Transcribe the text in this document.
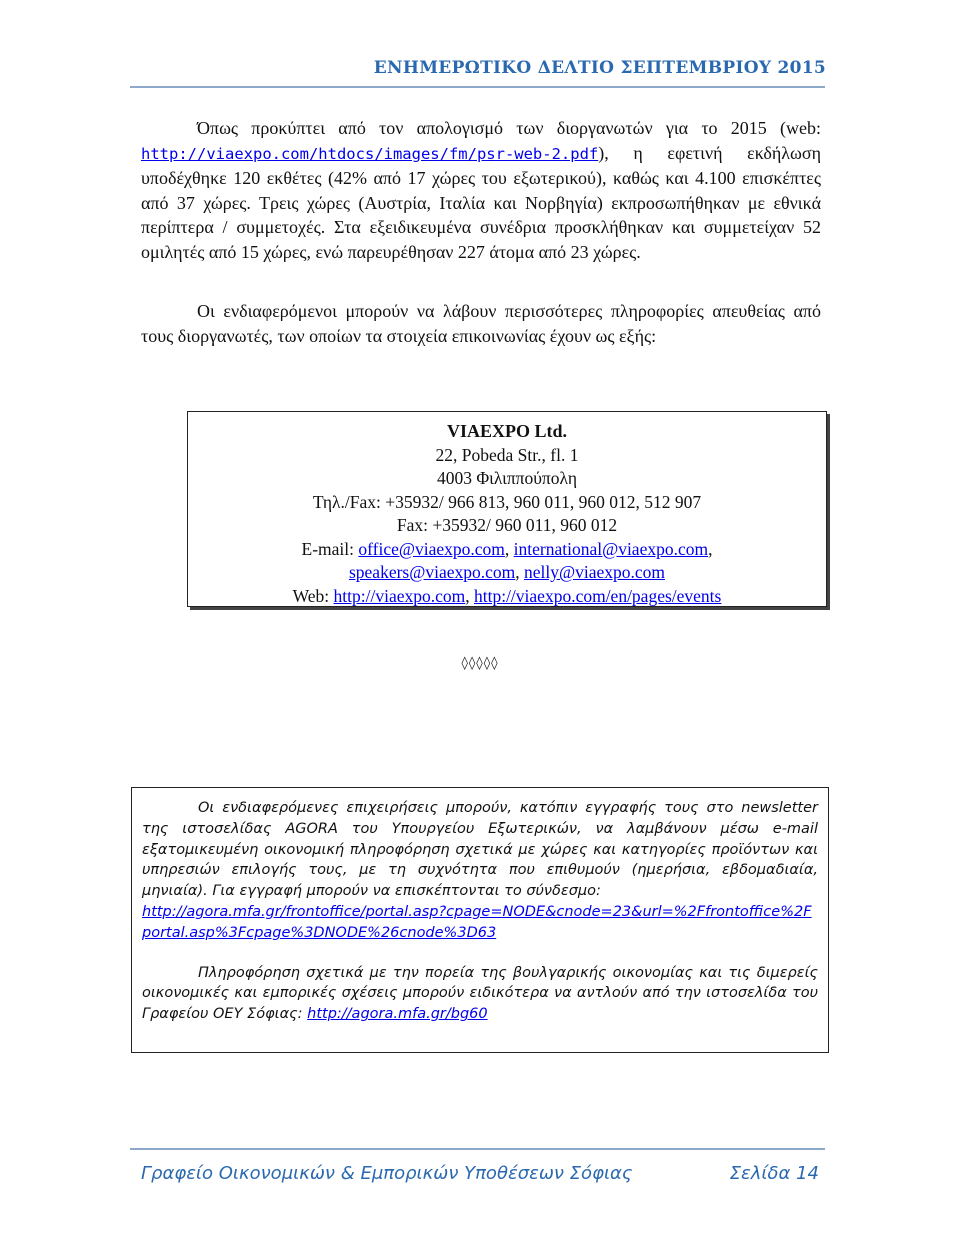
ΕΝΗΜΕΡΩΤΙΚΟ ΔΕΛΤΙΟ ΣΕΠΤΕΜΒΡΙΟΥ 2015

Όπως προκύπτει από τον απολογισμό των διοργανωτών για το 2015 (web: http://viaexpo.com/htdocs/images/fm/psr-web-2.pdf), η εφετινή εκδήλωση υποδέχθηκε 120 εκθέτες (42% από 17 χώρες του εξωτερικού), καθώς και 4.100 επισκέπτες από 37 χώρες. Τρεις χώρες (Αυστρία, Ιταλία και Νορβηγία) εκπροσωπήθηκαν με εθνικά περίπτερα / συμμετοχές. Στα εξειδικευμένα συνέδρια προσκλήθηκαν και συμμετείχαν 52 ομιλητές από 15 χώρες, ενώ παρευρέθησαν 227 άτομα από 23 χώρες.

Οι ενδιαφερόμενοι μπορούν να λάβουν περισσότερες πληροφορίες απευθείας από τους διοργανωτές, των οποίων τα στοιχεία επικοινωνίας έχουν ως εξής:

VIAEXPO Ltd.
22, Pobeda Str., fl. 1
4003 Φιλιππούπολη
Τηλ./Fax: +35932/ 966 813, 960 011, 960 012, 512 907
Fax: +35932/ 960 011, 960 012
E-mail: office@viaexpo.com, international@viaexpo.com,
speakers@viaexpo.com, nelly@viaexpo.com
Web: http://viaexpo.com, http://viaexpo.com/en/pages/events
◊◊◊◊◊

Οι ενδιαφερόμενες επιχειρήσεις μπορούν, κατόπιν εγγραφής τους στο newsletter της ιστοσελίδας AGORA του Υπουργείου Εξωτερικών, να λαμβάνουν μέσω e-mail εξατομικευμένη οικονομική πληροφόρηση σχετικά με χώρες και κατηγορίες προϊόντων και υπηρεσιών επιλογής τους, με τη συχνότητα που επιθυμούν (ημερήσια, εβδομαδιαία, μηνιαία). Για εγγραφή μπορούν να επισκέπτονται το σύνδεσμο:
http://agora.mfa.gr/frontoffice/portal.asp?cpage=NODE&cnode=23&url=%2Ffrontoffice%2Fportal.asp%3Fcpage%3DNODE%26cnode%3D63

Πληροφόρηση σχετικά με την πορεία της βουλγαρικής οικονομίας και τις διμερείς οικονομικές και εμπορικές σχέσεις μπορούν ειδικότερα να αντλούν από την ιστοσελίδα του Γραφείου ΟΕΥ Σόφιας: http://agora.mfa.gr/bg60

Γραφείο Οικονομικών & Εμπορικών Υποθέσεων Σόφιας	Σελίδα 14
